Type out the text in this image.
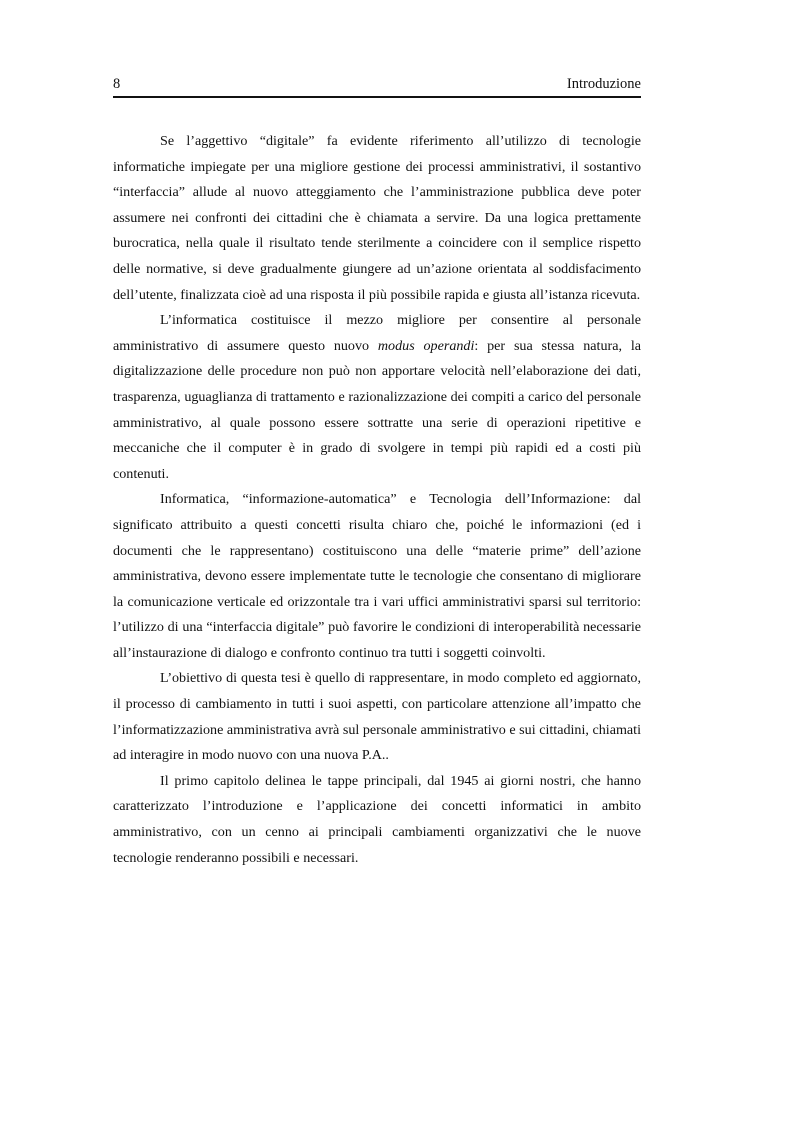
8	Introduzione

Se l’aggettivo “digitale” fa evidente riferimento all’utilizzo di tecnologie informatiche impiegate per una migliore gestione dei processi amministrativi, il sostantivo “interfaccia” allude al nuovo atteggiamento che l’amministrazione pubblica deve poter assumere nei confronti dei cittadini che è chiamata a servire. Da una logica prettamente burocratica, nella quale il risultato tende sterilmente a coincidere con il semplice rispetto delle normative, si deve gradualmente giungere ad un’azione orientata al soddisfacimento dell’utente, finalizzata cioè ad una risposta il più possibile rapida e giusta all’istanza ricevuta.

L’informatica costituisce il mezzo migliore per consentire al personale amministrativo di assumere questo nuovo modus operandi: per sua stessa natura, la digitalizzazione delle procedure non può non apportare velocità nell’elaborazione dei dati, trasparenza, uguaglianza di trattamento e razionalizzazione dei compiti a carico del personale amministrativo, al quale possono essere sottratte una serie di operazioni ripetitive e meccaniche che il computer è in grado di svolgere in tempi più rapidi ed a costi più contenuti.

Informatica, “informazione-automatica” e Tecnologia dell’Informazione: dal significato attribuito a questi concetti risulta chiaro che, poiché le informazioni (ed i documenti che le rappresentano) costituiscono una delle “materie prime” dell’azione amministrativa, devono essere implementate tutte le tecnologie che consentano di migliorare la comunicazione verticale ed orizzontale tra i vari uffici amministrativi sparsi sul territorio: l’utilizzo di una “interfaccia digitale” può favorire le condizioni di interoperabilità necessarie all’instaurazione di dialogo e confronto continuo tra tutti i soggetti coinvolti.

L’obiettivo di questa tesi è quello di rappresentare, in modo completo ed aggiornato, il processo di cambiamento in tutti i suoi aspetti, con particolare attenzione all’impatto che l’informatizzazione amministrativa avrà sul personale amministrativo e sui cittadini, chiamati ad interagire in modo nuovo con una nuova P.A..

Il primo capitolo delinea le tappe principali, dal 1945 ai giorni nostri, che hanno caratterizzato l’introduzione e l’applicazione dei concetti informatici in ambito amministrativo, con un cenno ai principali cambiamenti organizzativi che le nuove tecnologie renderanno possibili e necessari.
